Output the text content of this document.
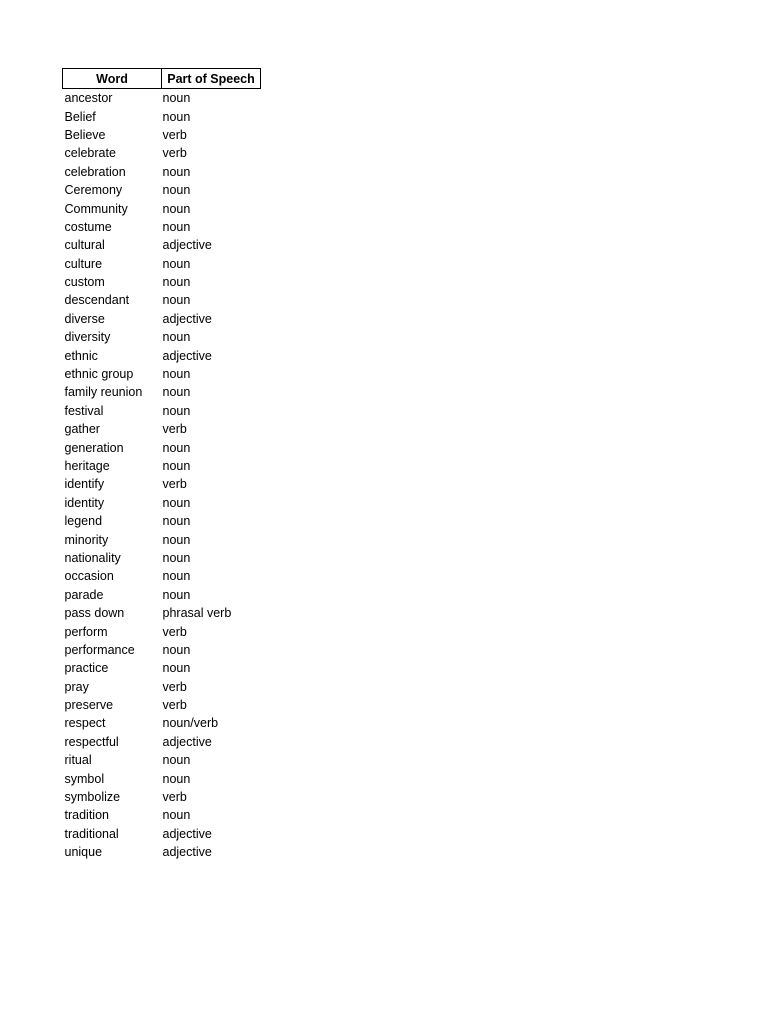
Word	Part of Speech
ancestor	noun
Belief	noun
Believe	verb
celebrate	verb
celebration	noun
Ceremony	noun
Community	noun
costume	noun
cultural	adjective
culture	noun
custom	noun
descendant	noun
diverse	adjective
diversity	noun
ethnic	adjective
ethnic group	noun
family reunion	noun
festival	noun
gather	verb
generation	noun
heritage	noun
identify	verb
identity	noun
legend	noun
minority	noun
nationality	noun
occasion	noun
parade	noun
pass down	phrasal verb
perform	verb
performance	noun
practice	noun
pray	verb
preserve	verb
respect	noun/verb
respectful	adjective
ritual	noun
symbol	noun
symbolize	verb
tradition	noun
traditional	adjective
unique	adjective
